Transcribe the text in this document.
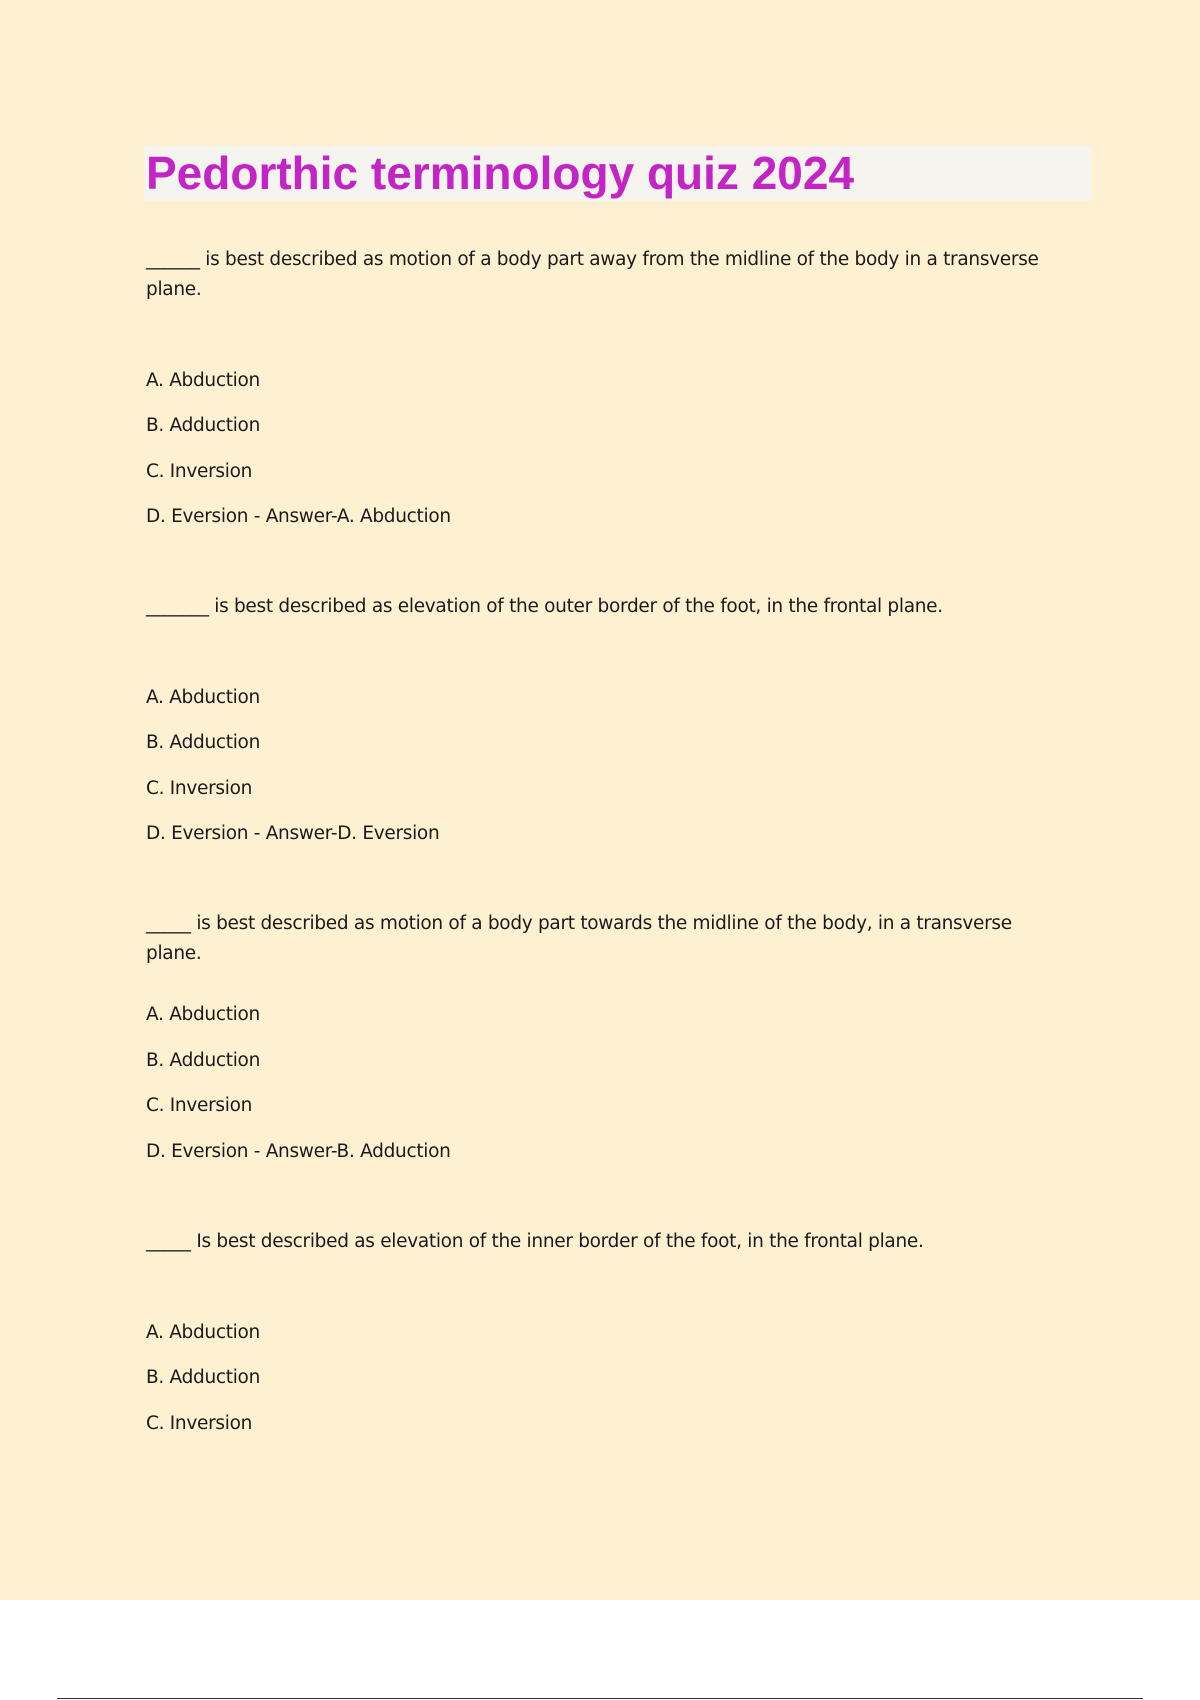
Pedorthic terminology quiz 2024

______ is best described as motion of a body part away from the midline of the body in a transverse plane.

A. Abduction

B. Adduction

C. Inversion

D. Eversion - Answer-A. Abduction

_______ is best described as elevation of the outer border of the foot, in the frontal plane.

A. Abduction

B. Adduction

C. Inversion

D. Eversion - Answer-D. Eversion

_____ is best described as motion of a body part towards the midline of the body, in a transverse plane.

A. Abduction

B. Adduction

C. Inversion

D. Eversion - Answer-B. Adduction

_____ Is best described as elevation of the inner border of the foot, in the frontal plane.

A. Abduction

B. Adduction

C. Inversion
